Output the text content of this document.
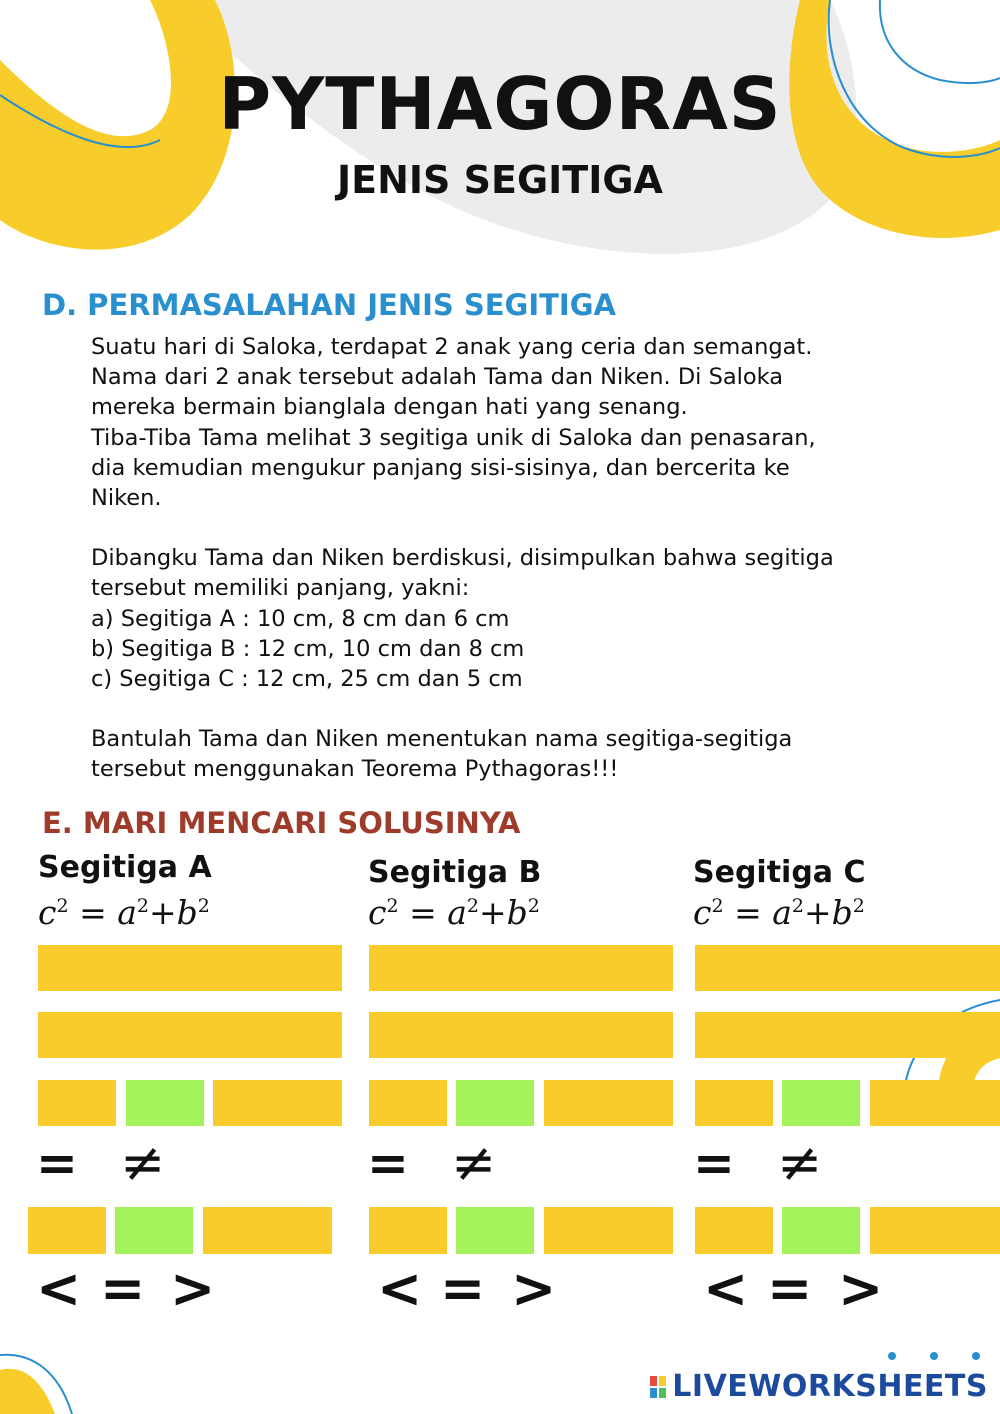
PYTHAGORAS
JENIS SEGITIGA
D. PERMASALAHAN JENIS SEGITIGA

Suatu hari di Saloka, terdapat 2 anak yang ceria dan semangat.

Nama dari 2 anak tersebut adalah Tama dan Niken. Di Saloka

mereka bermain bianglala dengan hati yang senang.

Tiba-Tiba Tama melihat 3 segitiga unik di Saloka dan penasaran,

dia kemudian mengukur panjang sisi-sisinya, dan bercerita ke

Niken.

Dibangku Tama dan Niken berdiskusi, disimpulkan bahwa segitiga

tersebut memiliki panjang, yakni:

a) Segitiga A : 10 cm, 8 cm dan 6 cm

b) Segitiga B : 12 cm, 10 cm dan 8 cm

c) Segitiga C : 12 cm, 25 cm dan 5 cm

Bantulah Tama dan Niken menentukan nama segitiga-segitiga

tersebut menggunakan Teorema Pythagoras!!!

E. MARI MENCARI SOLUSINYA
Segitiga A
$c^2 = a^2+b^2$
= ≠
< = >
Segitiga B
$c^2 = a^2+b^2$
= ≠
< = >
Segitiga C
$c^2 = a^2+b^2$
= ≠
< = >
LIVEWORKSHEETS
